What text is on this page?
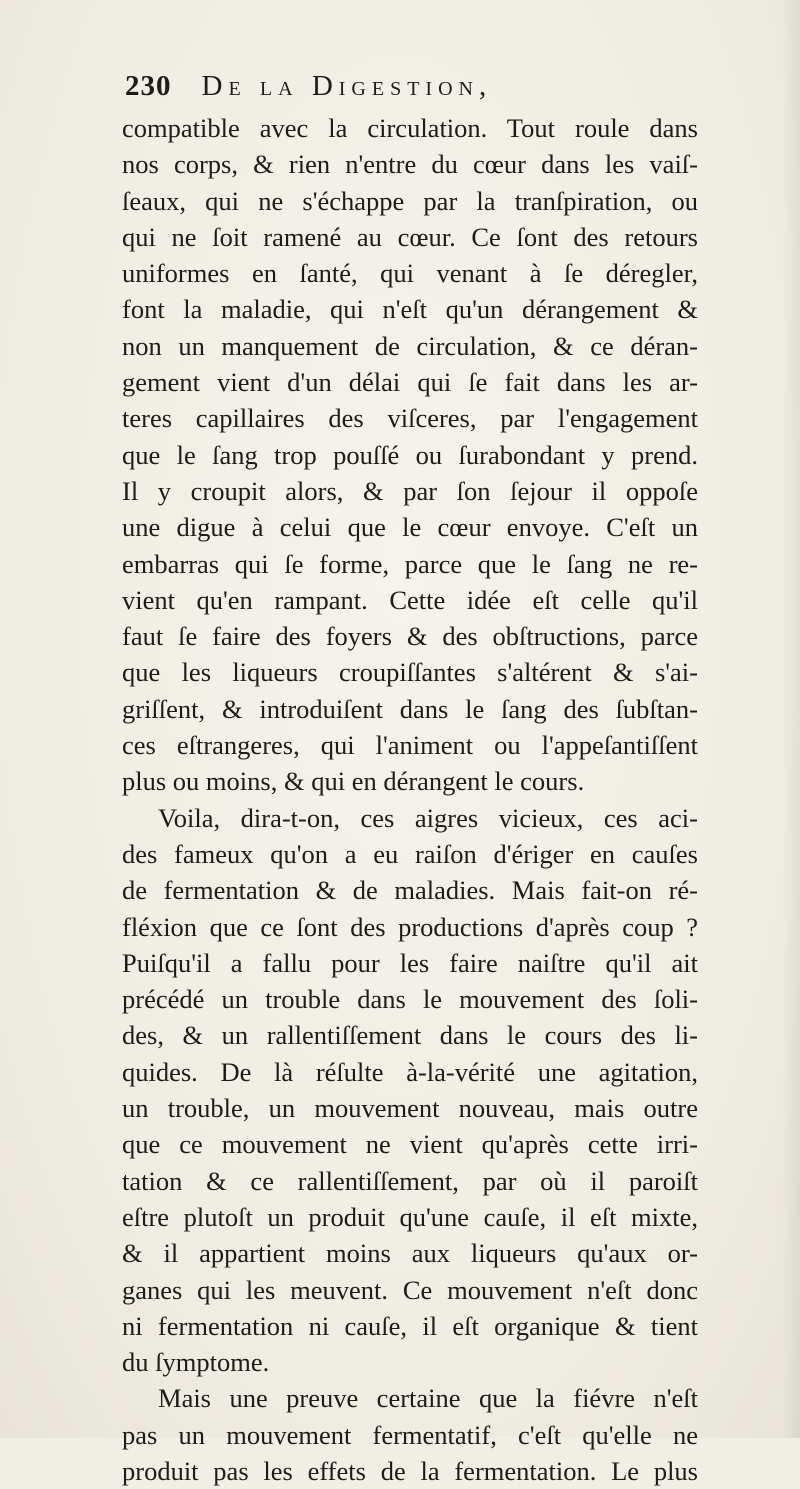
230 De la Digestion,
compatible avec la circulation. Tout roule dans
nos corps, & rien n'entre du cœur dans les vaiſ-
ſeaux, qui ne s'échappe par la tranſpiration, ou
qui ne ſoit ramené au cœur. Ce ſont des retours
uniformes en ſanté, qui venant à ſe déregler,
font la maladie, qui n'eſt qu'un dérangement &
non un manquement de circulation, & ce déran-
gement vient d'un délai qui ſe fait dans les ar-
teres capillaires des viſceres, par l'engagement
que le ſang trop pouſſé ou ſurabondant y prend.
Il y croupit alors, & par ſon ſejour il oppoſe
une digue à celui que le cœur envoye. C'eſt un
embarras qui ſe forme, parce que le ſang ne re-
vient qu'en rampant. Cette idée eſt celle qu'il
faut ſe faire des foyers & des obſtructions, parce
que les liqueurs croupiſſantes s'altérent & s'ai-
griſſent, & introduiſent dans le ſang des ſubſtan-
ces eſtrangeres, qui l'animent ou l'appeſantiſſent
plus ou moins, & qui en dérangent le cours.
Voila, dira-t-on, ces aigres vicieux, ces aci-
des fameux qu'on a eu raiſon d'ériger en cauſes
de fermentation & de maladies. Mais fait-on ré-
fléxion que ce ſont des productions d'après coup ?
Puiſqu'il a fallu pour les faire naiſtre qu'il ait
précédé un trouble dans le mouvement des ſoli-
des, & un rallentiſſement dans le cours des li-
quides. De là réſulte à-la-vérité une agitation,
un trouble, un mouvement nouveau, mais outre
que ce mouvement ne vient qu'après cette irri-
tation & ce rallentiſſement, par où il paroiſt
eſtre plutoſt un produit qu'une cauſe, il eſt mixte,
& il appartient moins aux liqueurs qu'aux or-
ganes qui les meuvent. Ce mouvement n'eſt donc
ni fermentation ni cauſe, il eſt organique & tient
du ſymptome.
Mais une preuve certaine que la fiévre n'eſt
pas un mouvement fermentatif, c'eſt qu'elle ne
produit pas les effets de la fermentation. Le plus
